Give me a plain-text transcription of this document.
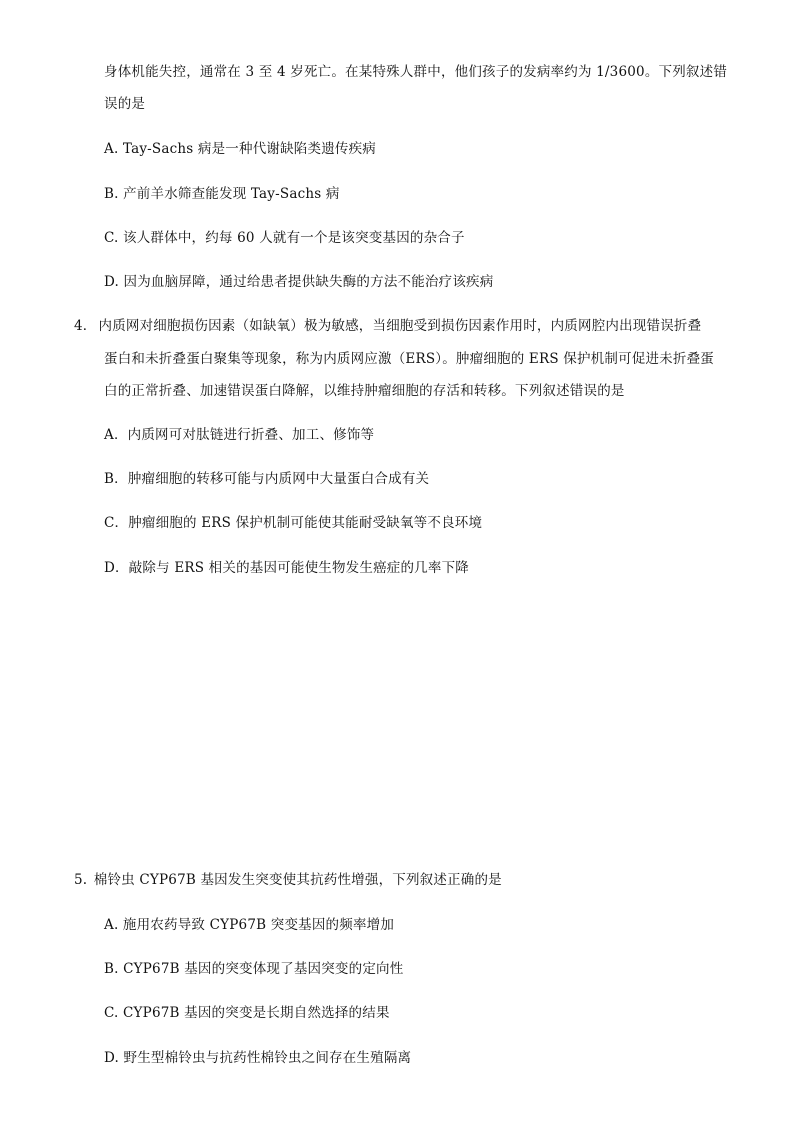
身体机能失控，通常在 3 至 4 岁死亡。在某特殊人群中，他们孩子的发病率约为 1/3600。下列叙述错
误的是
A. Tay-Sachs 病是一种代谢缺陷类遗传疾病
B. 产前羊水筛查能发现 Tay-Sachs 病
C. 该人群体中，约每 60 人就有一个是该突变基因的杂合子
D. 因为血脑屏障，通过给患者提供缺失酶的方法不能治疗该疾病
4． 内质网对细胞损伤因素（如缺氧）极为敏感，当细胞受到损伤因素作用时，内质网腔内出现错误折叠
蛋白和未折叠蛋白聚集等现象，称为内质网应激（ERS）。肿瘤细胞的 ERS 保护机制可促进未折叠蛋
白的正常折叠、加速错误蛋白降解，以维持肿瘤细胞的存活和转移。下列叙述错误的是
A．内质网可对肽链进行折叠、加工、修饰等
B．肿瘤细胞的转移可能与内质网中大量蛋白合成有关
C．肿瘤细胞的 ERS 保护机制可能使其能耐受缺氧等不良环境
D．敲除与 ERS 相关的基因可能使生物发生癌症的几率下降
5. 棉铃虫 CYP67B 基因发生突变使其抗药性增强，下列叙述正确的是
A. 施用农药导致 CYP67B 突变基因的频率增加
B. CYP67B 基因的突变体现了基因突变的定向性
C. CYP67B 基因的突变是长期自然选择的结果
D. 野生型棉铃虫与抗药性棉铃虫之间存在生殖隔离
